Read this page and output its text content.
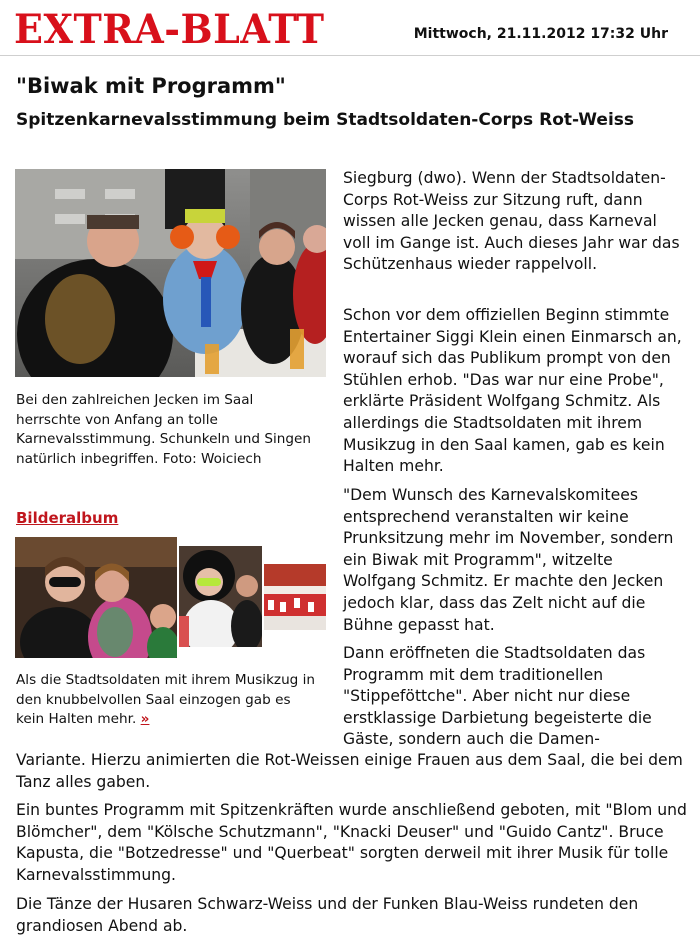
EXTRA-BLATT	Mittwoch, 21.11.2012 17:32 Uhr
"Biwak mit Programm"
Spitzenkarnevalsstimmung beim Stadtsoldaten-Corps Rot-Weiss

Bei den zahlreichen Jecken im Saal herrschte von Anfang an tolle Karnevalsstimmung. Schunkeln und Singen natürlich inbegriffen. Foto: Woiciech

Bilderalbum

Als die Stadtsoldaten mit ihrem Musikzug in den knubbelvollen Saal einzogen gab es kein Halten mehr. »

Siegburg (dwo). Wenn der Stadtsoldaten-Corps Rot-Weiss zur Sitzung ruft, dann wissen alle Jecken genau, dass Karneval voll im Gange ist. Auch dieses Jahr war das Schützenhaus wieder rappelvoll.

Schon vor dem offiziellen Beginn stimmte Entertainer Siggi Klein einen Einmarsch an, worauf sich das Publikum prompt von den Stühlen erhob. "Das war nur eine Probe", erklärte Präsident Wolfgang Schmitz. Als allerdings die Stadtsoldaten mit ihrem Musikzug in den Saal kamen, gab es kein Halten mehr.

"Dem Wunsch des Karnevalskomitees entsprechend veranstalten wir keine Prunksitzung mehr im November, sondern ein Biwak mit Programm", witzelte Wolfgang Schmitz. Er machte den Jecken jedoch klar, dass das Zelt nicht auf die Bühne gepasst hat.

Dann eröffneten die Stadtsoldaten das Programm mit dem traditionellen "Stippeföttche". Aber nicht nur diese erstklassige Darbietung begeisterte die Gäste, sondern auch die Damen-

Variante. Hierzu animierten die Rot-Weissen einige Frauen aus dem Saal, die bei dem Tanz alles gaben.

Ein buntes Programm mit Spitzenkräften wurde anschließend geboten, mit "Blom und Blömcher", dem "Kölsche Schutzmann", "Knacki Deuser" und "Guido Cantz". Bruce Kapusta, die "Botzedresse" und "Querbeat" sorgten derweil mit ihrer Musik für tolle Karnevalsstimmung.

Die Tänze der Husaren Schwarz-Weiss und der Funken Blau-Weiss rundeten den grandiosen Abend ab.
